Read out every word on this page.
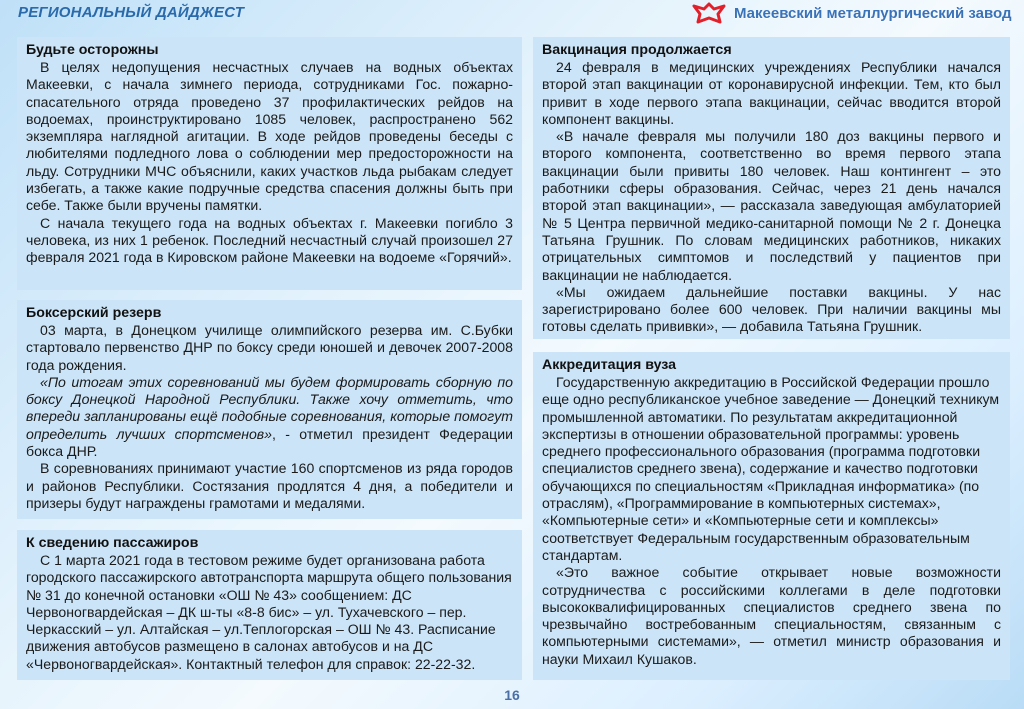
РЕГИОНАЛЬНЫЙ ДАЙДЖЕСТ	Макеевский металлургический завод
Будьте осторожны

В целях недопущения несчастных случаев на водных объектах Макеевки, с начала зимнего периода, сотрудниками Гос. пожарно-спасательного отряда проведено 37 профилактических рейдов на водоемах, проинструктировано 1085 человек, распространено 562 экземпляра наглядной агитации. В ходе рейдов проведены беседы с любителями подледного лова о соблюдении мер предосторожности на льду. Сотрудники МЧС объяснили, каких участков льда рыбакам следует избегать, а также какие подручные средства спасения должны быть при себе. Также были вручены памятки.

С начала текущего года на водных объектах г. Макеевки погибло 3 человека, из них 1 ребенок. Последний несчастный случай произошел 27 февраля 2021 года в Кировском районе Макеевки на водоеме «Горячий».

Боксерский резерв

03 марта, в Донецком училище олимпийского резерва им. С.Бубки стартовало первенство ДНР по боксу среди юношей и девочек 2007-2008 года рождения.

«По итогам этих соревнований мы будем формировать сборную по боксу Донецкой Народной Республики. Также хочу отметить, что впереди запланированы ещё подобные соревнования, которые помогут определить лучших спортсменов», - отметил президент Федерации бокса ДНР.

В соревнованиях принимают участие 160 спортсменов из ряда городов и районов Республики. Состязания продлятся 4 дня, а победители и призеры будут награждены грамотами и медалями.

К сведению пассажиров

С 1 марта 2021 года в тестовом режиме будет организована работа городского пассажирского автотранспорта маршрута общего пользования № 31 до конечной остановки «ОШ № 43» сообщением: ДС Червоногвардейская – ДК ш-ты «8-8 бис» – ул. Тухачевского – пер. Черкасский – ул. Алтайская – ул.Теплогорская – ОШ № 43. Расписание движения автобусов размещено в салонах автобусов и на ДС «Червоногвардейская». Контактный телефон для справок: 22-22-32.

Вакцинация продолжается

24 февраля в медицинских учреждениях Республики начался второй этап вакцинации от коронавирусной инфекции. Тем, кто был привит в ходе первого этапа вакцинации, сейчас вводится второй компонент вакцины.

«В начале февраля мы получили 180 доз вакцины первого и второго компонента, соответственно во время первого этапа вакцинации были привиты 180 человек. Наш контингент – это работники сферы образования. Сейчас, через 21 день начался второй этап вакцинации», — рассказала заведующая амбулаторией № 5 Центра первичной медико-санитарной помощи № 2 г. Донецка Татьяна Грушник. По словам медицинских работников, никаких отрицательных симптомов и последствий у пациентов при вакцинации не наблюдается.

«Мы ожидаем дальнейшие поставки вакцины. У нас зарегистрировано более 600 человек. При наличии вакцины мы готовы сделать прививки», — добавила Татьяна Грушник.

Аккредитация вуза

Государственную аккредитацию в Российской Федерации прошло еще одно республиканское учебное заведение — Донецкий техникум промышленной автоматики. По результатам аккредитационной экспертизы в отношении образовательной программы: уровень среднего профессионального образования (программа подготовки специалистов среднего звена), содержание и качество подготовки обучающихся по специальностям «Прикладная информатика» (по отраслям), «Программирование в компьютерных системах», «Компьютерные сети» и «Компьютерные сети и комплексы» соответствует Федеральным государственным образовательным стандартам.

«Это важное событие открывает новые возможности сотрудничества с российскими коллегами в деле подготовки высококвалифицированных специалистов среднего звена по чрезвычайно востребованным специальностям, связанным с компьютерными системами», — отметил министр образования и науки Михаил Кушаков.

16
